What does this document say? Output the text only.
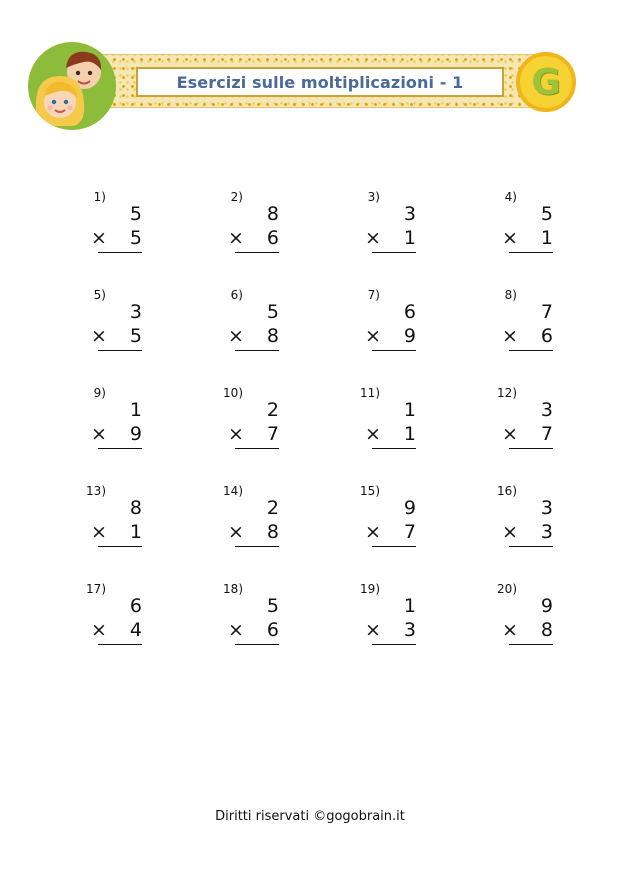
Esercizi sulle moltiplicazioni - 1 G
1)
5
×	5
2)
8
×	6
3)
3
×	1
4)
5
×	1
5)
3
×	5
6)
5
×	8
7)
6
×	9
8)
7
×	6
9)
1
×	9
10)
2
×	7
11)
1
×	1
12)
3
×	7
13)
8
×	1
14)
2
×	8
15)
9
×	7
16)
3
×	3
17)
6
×	4
18)
5
×	6
19)
1
×	3
20)
9
×	8
Diritti riservati ©gogobrain.it
